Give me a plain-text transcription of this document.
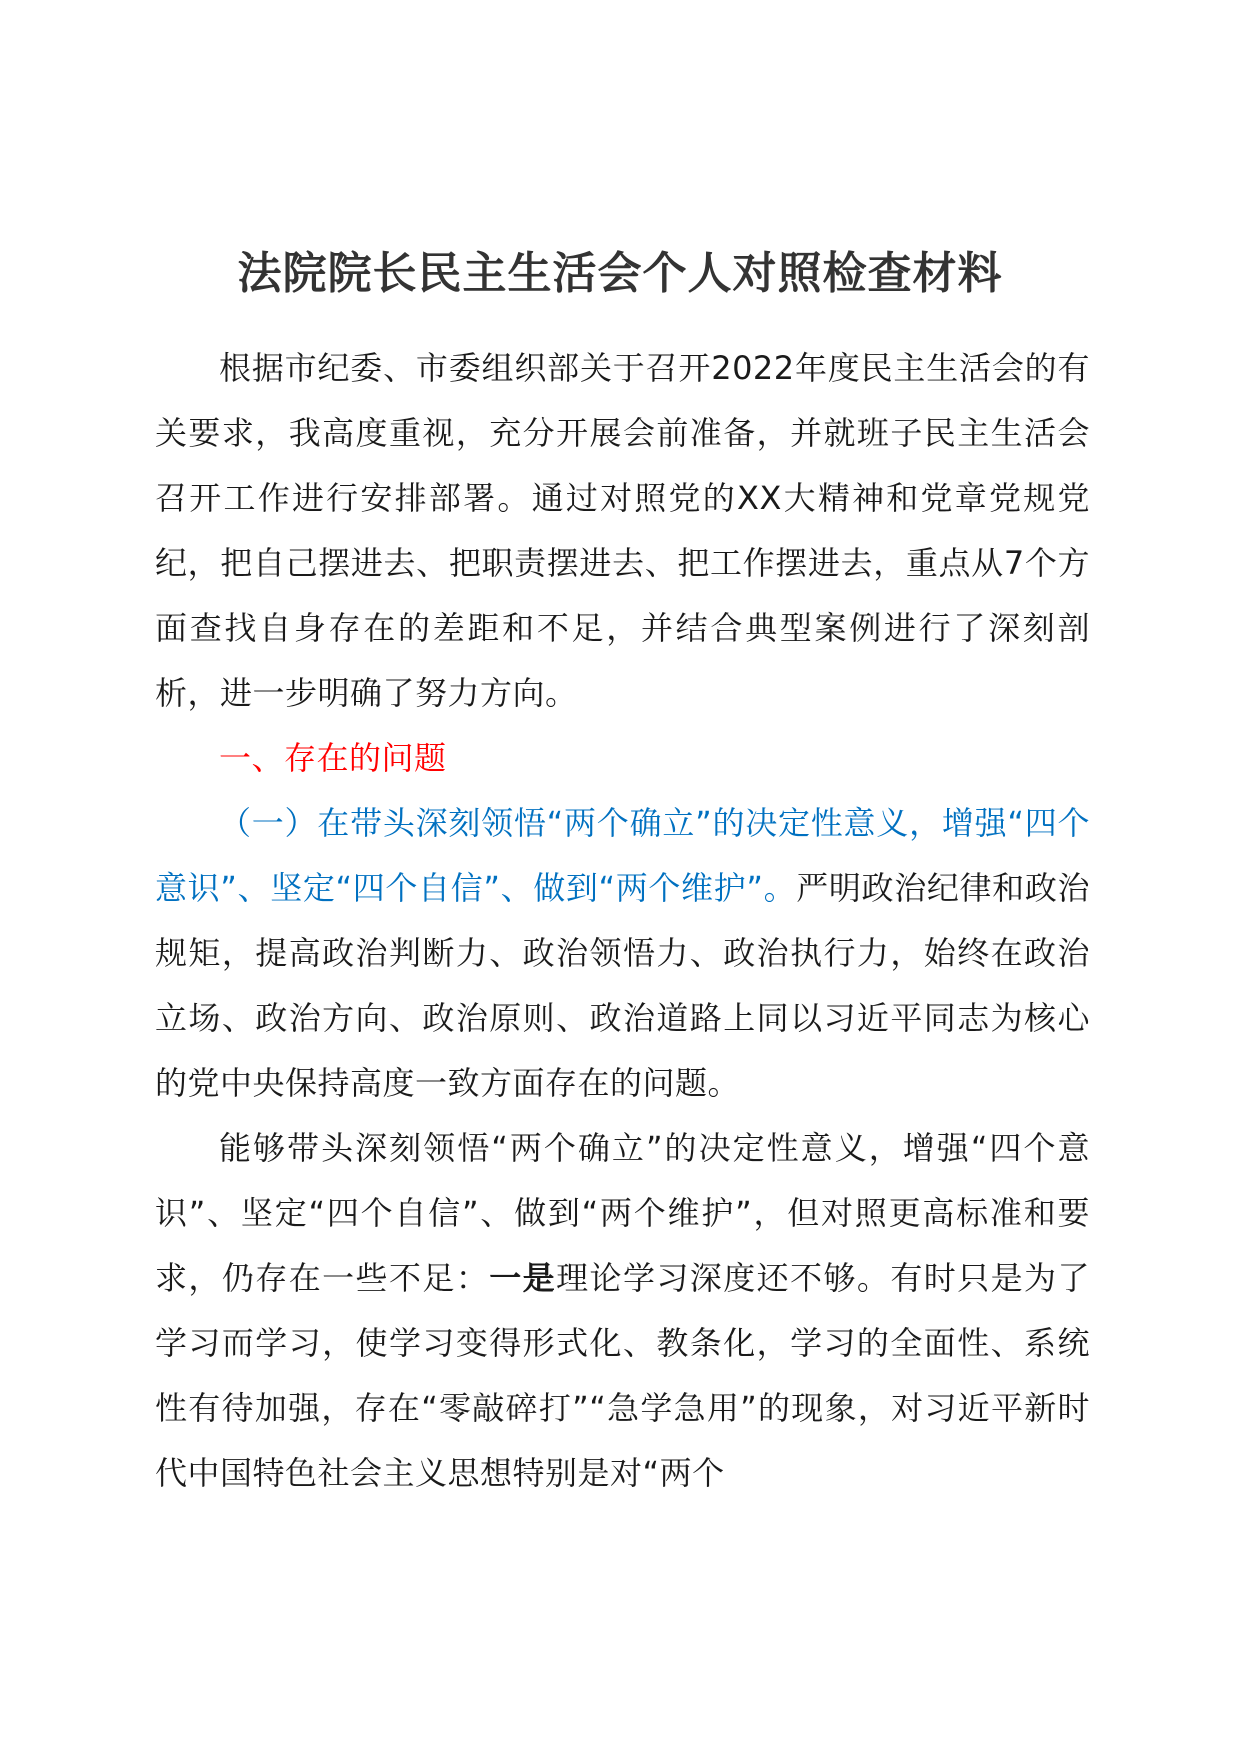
法院院长民主生活会个人对照检查材料

根据市纪委、市委组织部关于召开2022年度民主生活会的有关要求，我高度重视，充分开展会前准备，并就班子民主生活会召开工作进行安排部署。通过对照党的XX大精神和党章党规党纪，把自己摆进去、把职责摆进去、把工作摆进去，重点从7个方面查找自身存在的差距和不足，并结合典型案例进行了深刻剖析，进一步明确了努力方向。

一、存在的问题

（一）在带头深刻领悟“两个确立”的决定性意义，增强“四个意识”、坚定“四个自信”、做到“两个维护”。严明政治纪律和政治规矩，提高政治判断力、政治领悟力、政治执行力，始终在政治立场、政治方向、政治原则、政治道路上同以习近平同志为核心的党中央保持高度一致方面存在的问题。

能够带头深刻领悟“两个确立”的决定性意义，增强“四个意识”、坚定“四个自信”、做到“两个维护”，但对照更高标准和要求，仍存在一些不足：一是理论学习深度还不够。有时只是为了学习而学习，使学习变得形式化、教条化，学习的全面性、系统性有待加强，存在“零敲碎打”“急学急用”的现象，对习近平新时代中国特色社会主义思想特别是对“两个
